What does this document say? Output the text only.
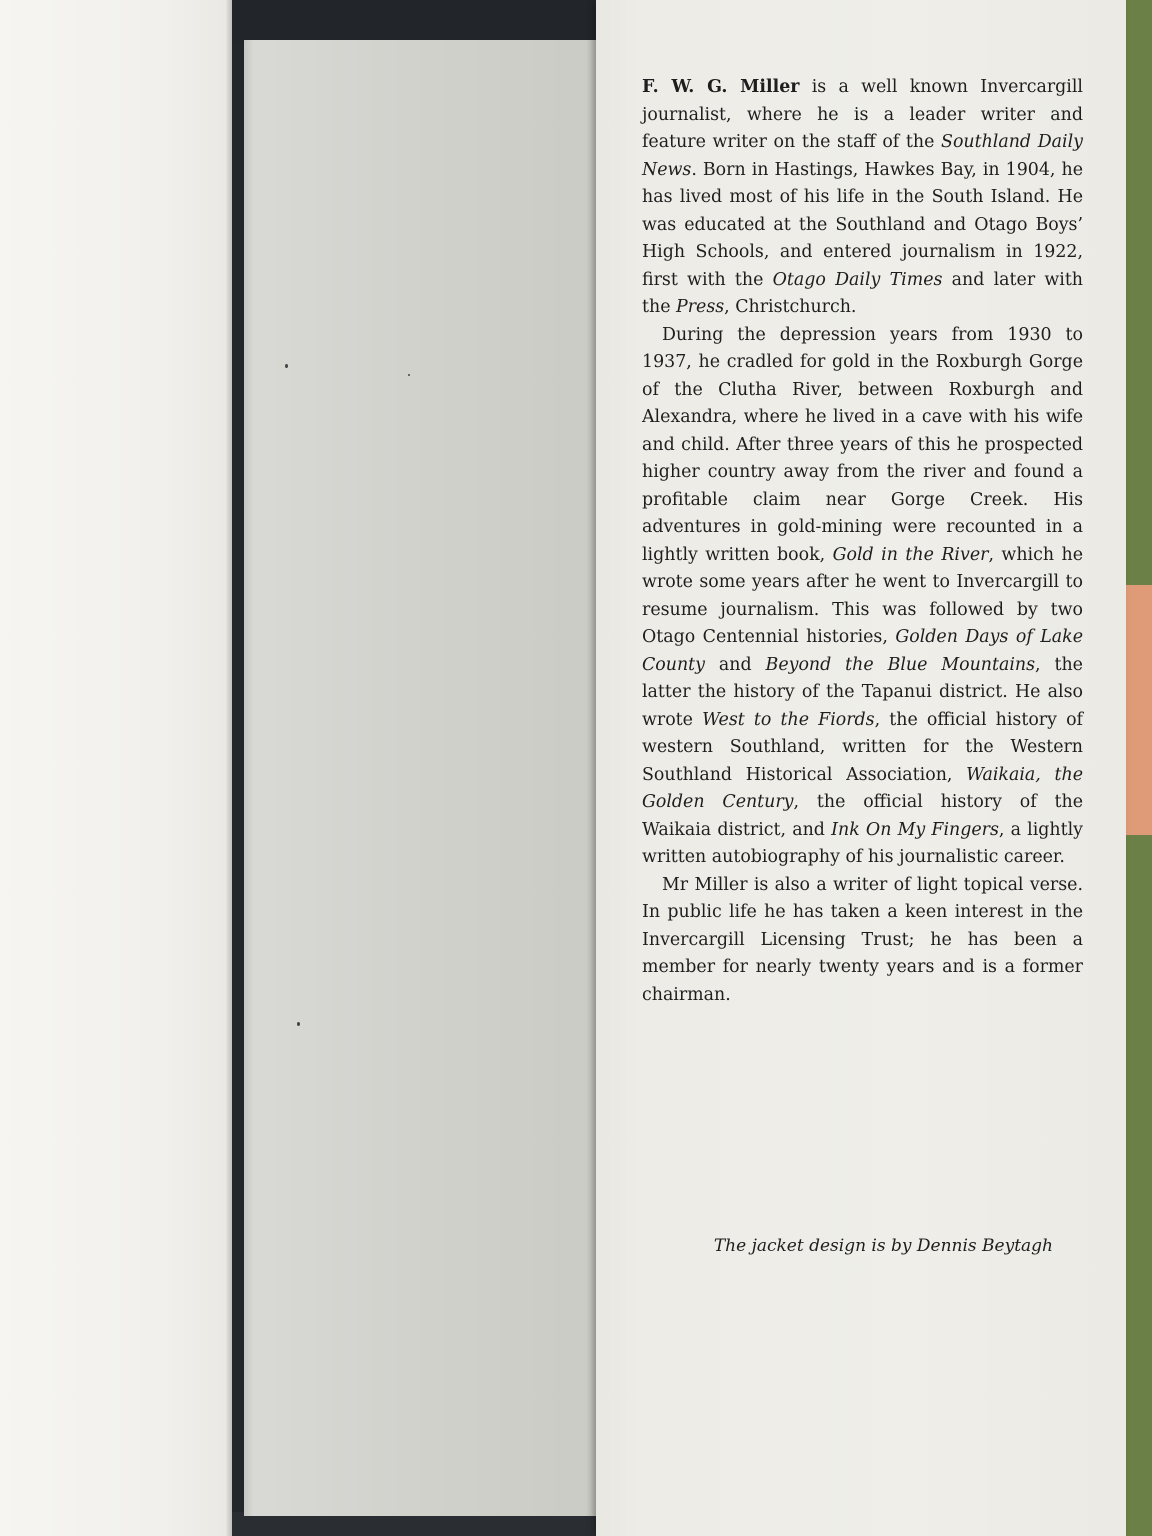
F. W. G. Miller is a well known Invercargill journalist, where he is a leader writer and feature writer on the staff of the Southland Daily News. Born in Hastings, Hawkes Bay, in 1904, he has lived most of his life in the South Island. He was educated at the Southland and Otago Boys’ High Schools, and entered journalism in 1922, first with the Otago Daily Times and later with the Press, Christchurch.

During the depression years from 1930 to 1937, he cradled for gold in the Roxburgh Gorge of the Clutha River, between Roxburgh and Alexandra, where he lived in a cave with his wife and child. After three years of this he prospected higher country away from the river and found a profitable claim near Gorge Creek. His adventures in gold-mining were recounted in a lightly written book, Gold in the River, which he wrote some years after he went to Invercargill to resume journalism. This was followed by two Otago Centennial histories, Golden Days of Lake County and Beyond the Blue Mountains, the latter the history of the Tapanui district. He also wrote West to the Fiords, the official history of western Southland, written for the Western Southland Historical Association, Waikaia, the Golden Century, the official history of the Waikaia district, and Ink On My Fingers, a lightly written autobiography of his journalistic career.

Mr Miller is also a writer of light topical verse. In public life he has taken a keen interest in the Invercargill Licensing Trust; he has been a member for nearly twenty years and is a former chairman.

The jacket design is by Dennis Beytagh
